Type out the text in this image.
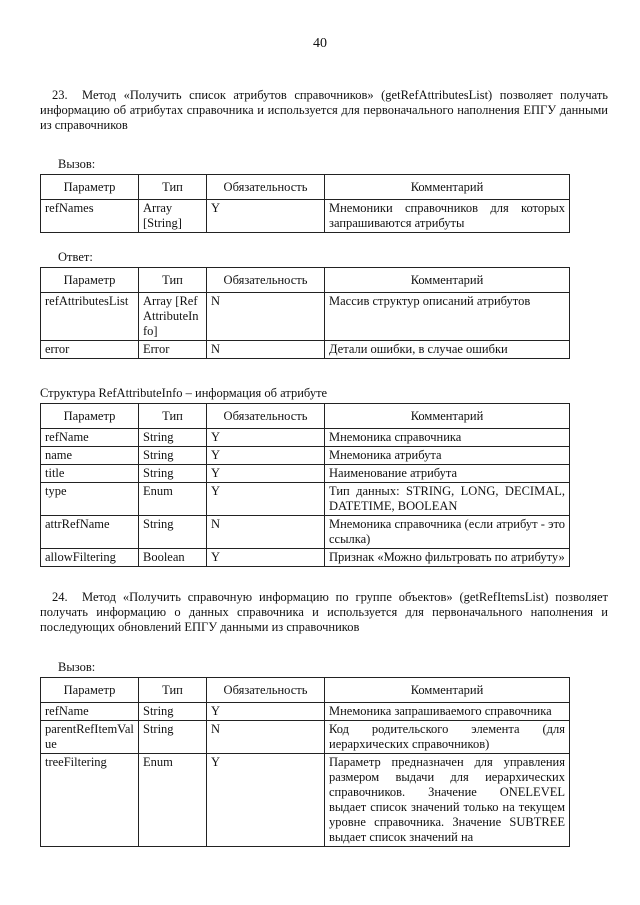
40
23. Метод «Получить список атрибутов справочников» (getRefAttributesList) позволяет получать информацию об атрибутах справочника и используется для первоначального наполнения ЕПГУ данными из справочников
Вызов:
Параметр	Тип	Обязательность	Комментарий
refNames	Array [String]	Y	Мнемоники справочников для которых запрашиваются атрибуты
Ответ:
Параметр	Тип	Обязательность	Комментарий
refAttributesList	Array [RefAttributeInfo]	N	Массив структур описаний атрибутов
error	Error	N	Детали ошибки, в случае ошибки
Структура RefAttributeInfo – информация об атрибуте
Параметр	Тип	Обязательность	Комментарий
refName	String	Y	Мнемоника справочника
name	String	Y	Мнемоника атрибута
title	String	Y	Наименование атрибута
type	Enum	Y	Тип данных: STRING, LONG, DECIMAL, DATETIME, BOOLEAN
attrRefName	String	N	Мнемоника справочника (если атрибут - это ссылка)
allowFiltering	Boolean	Y	Признак «Можно фильтровать по атрибуту»
24. Метод «Получить справочную информацию по группе объектов» (getRefItemsList) позволяет получать информацию о данных справочника и используется для первоначального наполнения и последующих обновлений ЕПГУ данными из справочников
Вызов:
Параметр	Тип	Обязательность	Комментарий
refName	String	Y	Мнемоника запрашиваемого справочника
parentRefItemValue	String	N	Код родительского элемента (для иерархических справочников)
treeFiltering	Enum	Y	Параметр предназначен для управления размером выдачи для иерархических справочников. Значение ONELEVEL выдает список значений только на текущем уровне справочника. Значение SUBTREE выдает список значений на
